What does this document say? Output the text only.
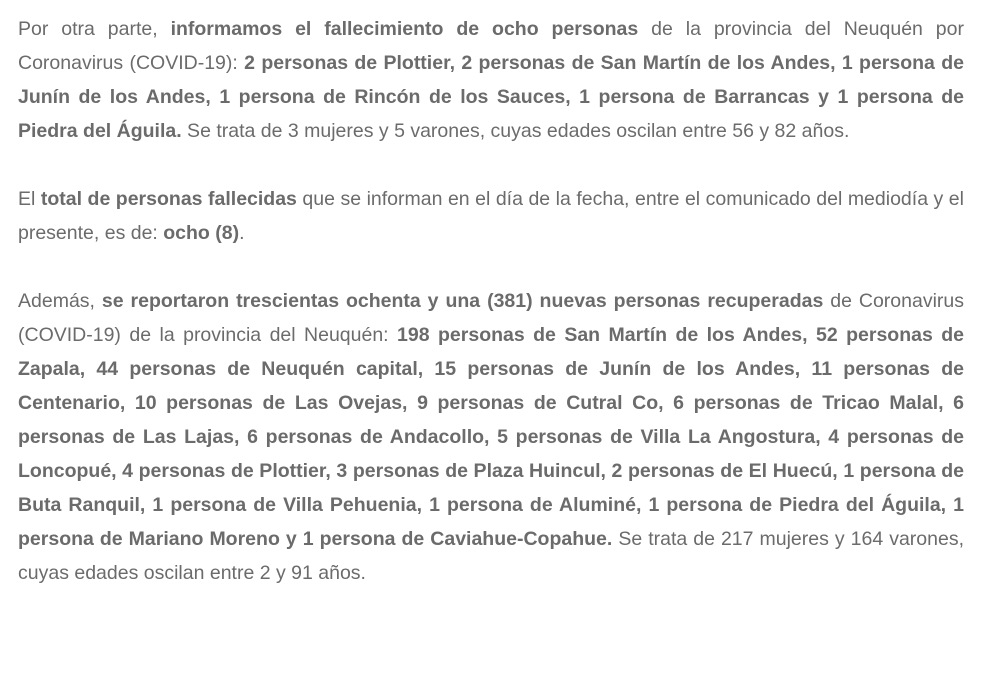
Por otra parte, informamos el fallecimiento de ocho personas de la provincia del Neuquén por Coronavirus (COVID-19): 2 personas de Plottier, 2 personas de San Martín de los Andes, 1 persona de Junín de los Andes, 1 persona de Rincón de los Sauces, 1 persona de Barrancas y 1 persona de Piedra del Águila. Se trata de 3 mujeres y 5 varones, cuyas edades oscilan entre 56 y 82 años.

El total de personas fallecidas que se informan en el día de la fecha, entre el comunicado del mediodía y el presente, es de: ocho (8).

Además, se reportaron trescientas ochenta y una (381) nuevas personas recuperadas de Coronavirus (COVID-19) de la provincia del Neuquén: 198 personas de San Martín de los Andes, 52 personas de Zapala, 44 personas de Neuquén capital, 15 personas de Junín de los Andes, 11 personas de Centenario, 10 personas de Las Ovejas, 9 personas de Cutral Co, 6 personas de Tricao Malal, 6 personas de Las Lajas, 6 personas de Andacollo, 5 personas de Villa La Angostura, 4 personas de Loncopué, 4 personas de Plottier, 3 personas de Plaza Huincul, 2 personas de El Huecú, 1 persona de Buta Ranquil, 1 persona de Villa Pehuenia, 1 persona de Aluminé, 1 persona de Piedra del Águila, 1 persona de Mariano Moreno y 1 persona de Caviahue-Copahue. Se trata de 217 mujeres y 164 varones, cuyas edades oscilan entre 2 y 91 años.
